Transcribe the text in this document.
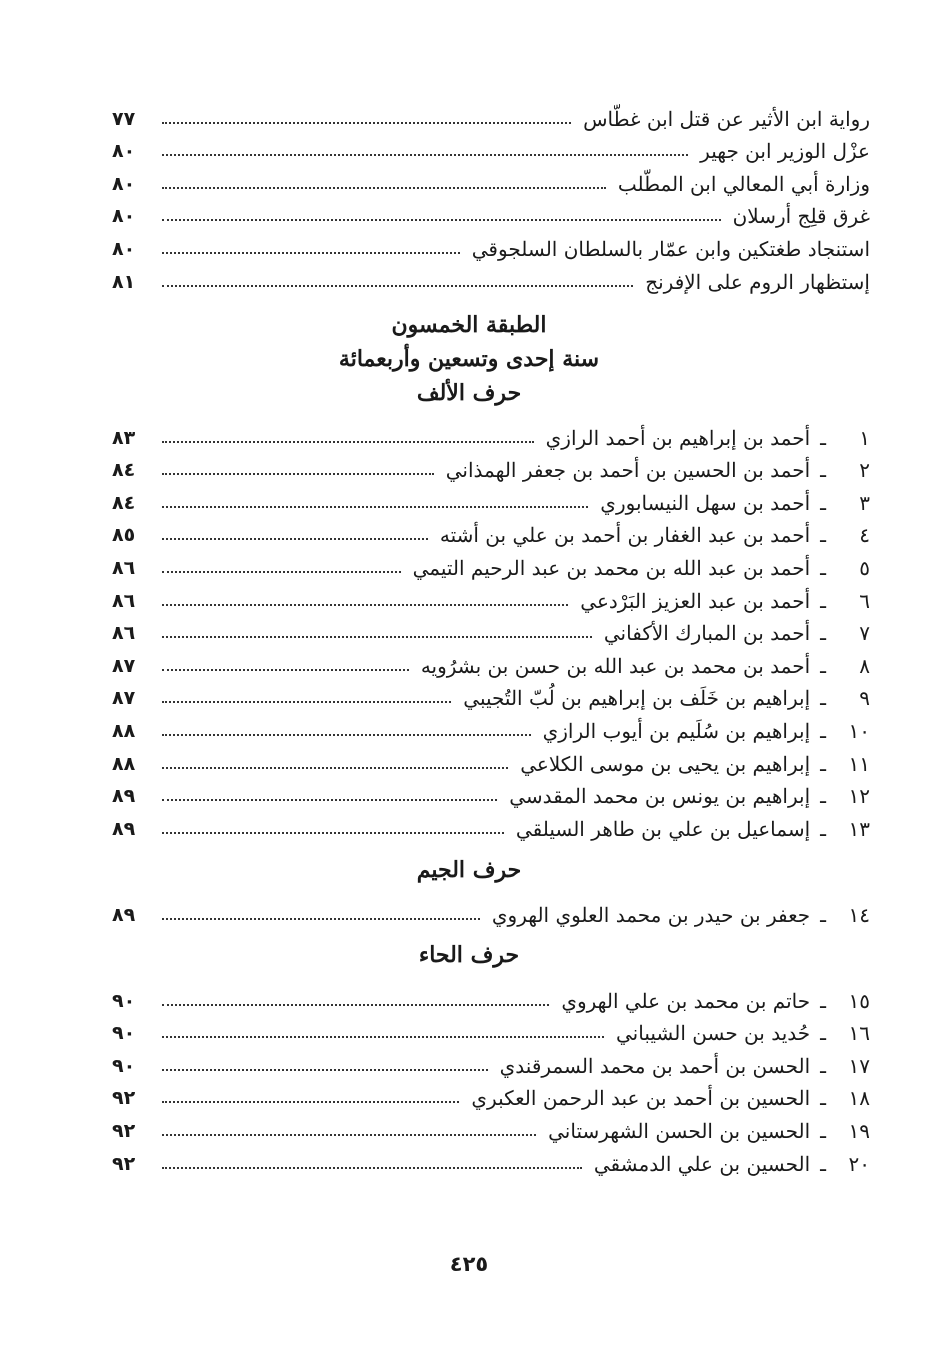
رواية ابن الأثير عن قتل ابن غطّاس
٧٧
عزْل الوزير ابن جهير
٨٠
وزارة أبي المعالي ابن المطّلب
٨٠
غرق قلِج أرسلان
٨٠
استنجاد طغتكين وابن عمّار بالسلطان السلجوقي
٨٠
إستظهار الروم على الإفرنج
٨١
الطبقة الخمسون
سنة إحدى وتسعين وأربعمائة
حرف الألف
١ـأحمد بن إبراهيم بن أحمد الرازي
٨٣
٢ـأحمد بن الحسين بن أحمد بن جعفر الهمذاني
٨٤
٣ـأحمد بن سهل النيسابوري
٨٤
٤ـأحمد بن عبد الغفار بن أحمد بن علي بن أشته
٨٥
٥ـأحمد بن عبد الله بن محمد بن عبد الرحيم التيمي
٨٦
٦ـأحمد بن عبد العزيز البَرْدعي
٨٦
٧ـأحمد بن المبارك الأكفاني
٨٦
٨ـأحمد بن محمد بن عبد الله بن حسن بن بشرُويه
٨٧
٩ـإبراهيم بن خَلَف بن إبراهيم بن لُبّ التُجيبي
٨٧
١٠ـإبراهيم بن سُلَيم بن أيوب الرازي
٨٨
١١ـإبراهيم بن يحيى بن موسى الكلاعي
٨٨
١٢ـإبراهيم بن يونس بن محمد المقدسي
٨٩
١٣ـإسماعيل بن علي بن طاهر السيلقي
٨٩
حرف الجيم
١٤ـجعفر بن حيدر بن محمد العلوي الهروي
٨٩
حرف الحاء
١٥ـحاتم بن محمد بن علي الهروي
٩٠
١٦ـحُديد بن حسن الشيباني
٩٠
١٧ـالحسن بن أحمد بن محمد السمرقندي
٩٠
١٨ـالحسين بن أحمد بن عبد الرحمن العكبري
٩٢
١٩ـالحسين بن الحسن الشهرستاني
٩٢
٢٠ـالحسين بن علي الدمشقي
٩٢
٤٢٥
